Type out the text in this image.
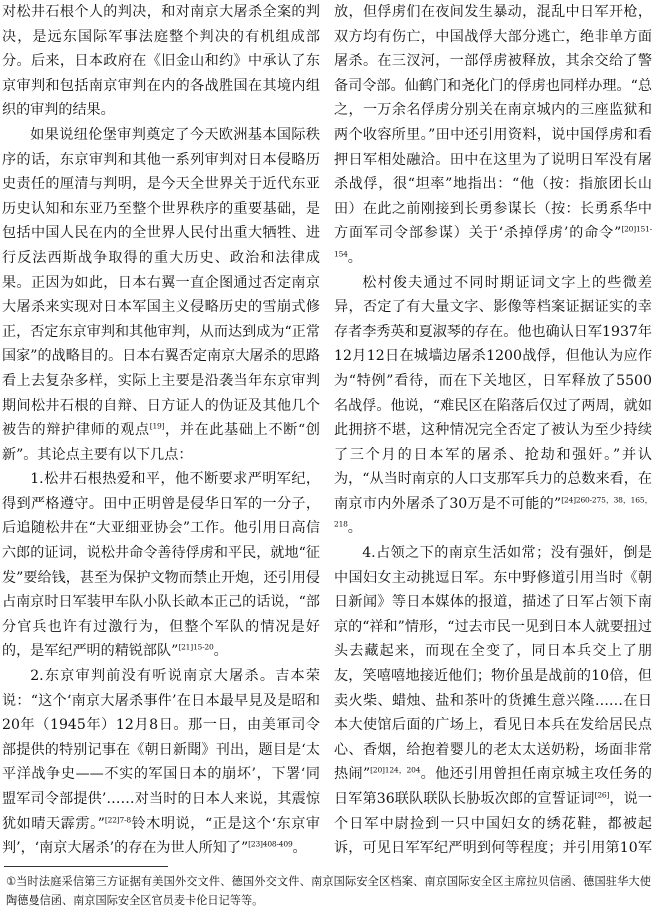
对松井石根个人的判决，和对南京大屠杀全案的判决，是远东国际军事法庭整个判决的有机组成部分。后来，日本政府在《旧金山和约》中承认了东京审判和包括南京审判在内的各战胜国在其境内组织的审判的结果。

如果说纽伦堡审判奠定了今天欧洲基本国际秩序的话，东京审判和其他一系列审判对日本侵略历史责任的厘清与判明，是今天全世界关于近代东亚历史认知和东亚乃至整个世界秩序的重要基础，是包括中国人民在内的全世界人民付出重大牺牲、进行反法西斯战争取得的重大历史、政治和法律成果。正因为如此，日本右翼一直企图通过否定南京大屠杀来实现对日本军国主义侵略历史的雪崩式修正，否定东京审判和其他审判，从而达到成为“正常国家”的战略目的。日本右翼否定南京大屠杀的思路看上去复杂多样，实际上主要是沿袭当年东京审判期间松井石根的自辩、日方证人的伪证及其他几个被告的辩护律师的观点[19]，并在此基础上不断“创新”。其论点主要有以下几点：

1.松井石根热爱和平，他不断要求严明军纪，得到严格遵守。田中正明曾是侵华日军的一分子，后追随松井在“大亚细亚协会”工作。他引用日高信六郎的证词，说松井命令善待俘虏和平民，就地“征发”要给钱，甚至为保护文物而禁止开炮，还引用侵占南京时日军装甲车队小队长畝本正己的话说，“部分官兵也许有过激行为，但整个军队的情况是好的，是军纪严明的精锐部队”$^{[21]15-20}$。

2.东京审判前没有听说南京大屠杀。吉本荣说：“这个‘南京大屠杀事件’在日本最早見及是昭和20年（1945年）12月8日。那一日，由美軍司令部提供的特别记事在《朝日新聞》刊出，题目是‘太平洋战争史——不实的军国日本的崩坏’，下署‘同盟军司令部提供’……对当时的日本人来说，其震惊犹如晴天霹雳。”$^{[22]7-8}$铃木明说，“正是这个‘东京审判’，‘南京大屠杀’的存在为世人所知了”$^{[23]408-409}$。

放，但俘虏们在夜间发生暴动，混乱中日军开枪，双方均有伤亡，中国战俘大部分逃亡，绝非单方面屠杀。在三汊河，一部俘虏被释放，其余交给了警备司令部。仙鹤门和尧化门的俘虏也同样办理。“总之，一万余名俘虏分别关在南京城内的三座监狱和两个收容所里。”田中还引用资料，说中国俘虏和看押日军相处融洽。田中在这里为了说明日军没有屠杀战俘，很“坦率”地指出：“他（按：指旅团长山田）在此之前刚接到长勇参谋长（按：长勇系华中方面军司令部参谋）关于‘杀掉俘虏’的命令”$^{[20]151-154}$。

松村俊夫通过不同时期证词文字上的些微差异，否定了有大量文字、影像等档案证据证实的幸存者李秀英和夏淑琴的存在。他也确认日军1937年12月12日在城墙边屠杀1200战俘，但他认为应作为“特例”看待，而在下关地区，日军释放了5500名战俘。他说，“难民区在陷落后仅过了两周，就如此拥挤不堪，这种情况完全否定了被认为至少持续了三个月的日本军的屠杀、抢劫和强奸。”并认为，“从当时南京的人口支那军兵力的总数来看，在南京市内外屠杀了30万是不可能的”$^{[24]260-275,38,165,218}$。

4.占领之下的南京生活如常；没有强奸，倒是中国妇女主动挑逗日军。东中野修道引用当时《朝日新闻》等日本媒体的报道，描述了日军占领下南京的“祥和”情形，“过去市民一见到日本人就要扭过头去藏起来，而现在全变了，同日本兵交上了朋友，笑嘻嘻地接近他们；物价虽是战前的10倍，但卖火柴、蜡烛、盐和茶叶的货摊生意兴隆……在日本大使馆后面的广场上，看见日本兵在发给居民点心、香烟，给抱着婴儿的老太太送奶粉，场面非常热闹”$^{[20]124,204}$。他还引用曾担任南京城主攻任务的日军第36联队联队长胁坂次郎的宣誓证词[26]，说一个日军中尉捡到一只中国妇女的绣花鞋，都被起诉，可见日军军纪严明到何等程度；并引用第10军

①当时法庭采信第三方证据有美国外交文件、德国外交文件、南京国际安全区档案、南京国际安全区主席拉贝信函、德国驻华大使陶德曼信函、南京国际安全区官员麦卡伦日记等等。
